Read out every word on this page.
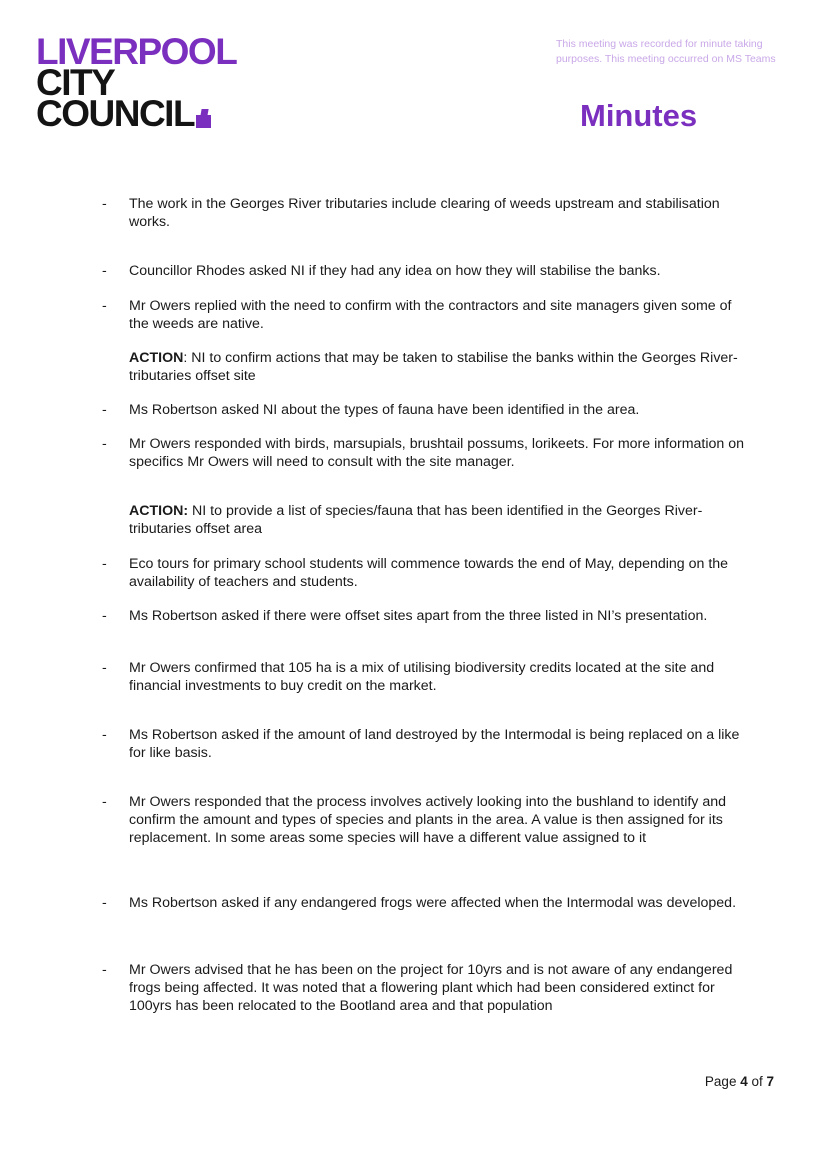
LIVERPOOL
CITY
COUNCIL
This meeting was recorded for minute taking
purposes. This meeting occurred on MS Teams
Minutes
- The work in the Georges River tributaries include clearing of weeds upstream and stabilisation works.
- Councillor Rhodes asked NI if they had any idea on how they will stabilise the banks.
- Mr Owers replied with the need to confirm with the contractors and site managers given some of the weeds are native.
ACTION: NI to confirm actions that may be taken to stabilise the banks within the Georges River-tributaries offset site
- Ms Robertson asked NI about the types of fauna have been identified in the area.
- Mr Owers responded with birds, marsupials, brushtail possums, lorikeets. For more information on specifics Mr Owers will need to consult with the site manager.
ACTION: NI to provide a list of species/fauna that has been identified in the Georges River-tributaries offset area
- Eco tours for primary school students will commence towards the end of May, depending on the availability of teachers and students.
- Ms Robertson asked if there were offset sites apart from the three listed in NI’s presentation.
- Mr Owers confirmed that 105 ha is a mix of utilising biodiversity credits located at the site and financial investments to buy credit on the market.
- Ms Robertson asked if the amount of land destroyed by the Intermodal is being replaced on a like for like basis.
- Mr Owers responded that the process involves actively looking into the bushland to identify and confirm the amount and types of species and plants in the area. A value is then assigned for its replacement. In some areas some species will have a different value assigned to it
- Ms Robertson asked if any endangered frogs were affected when the Intermodal was developed.
- Mr Owers advised that he has been on the project for 10yrs and is not aware of any endangered frogs being affected. It was noted that a flowering plant which had been considered extinct for 100yrs has been relocated to the Bootland area and that population
Page 4 of 7
